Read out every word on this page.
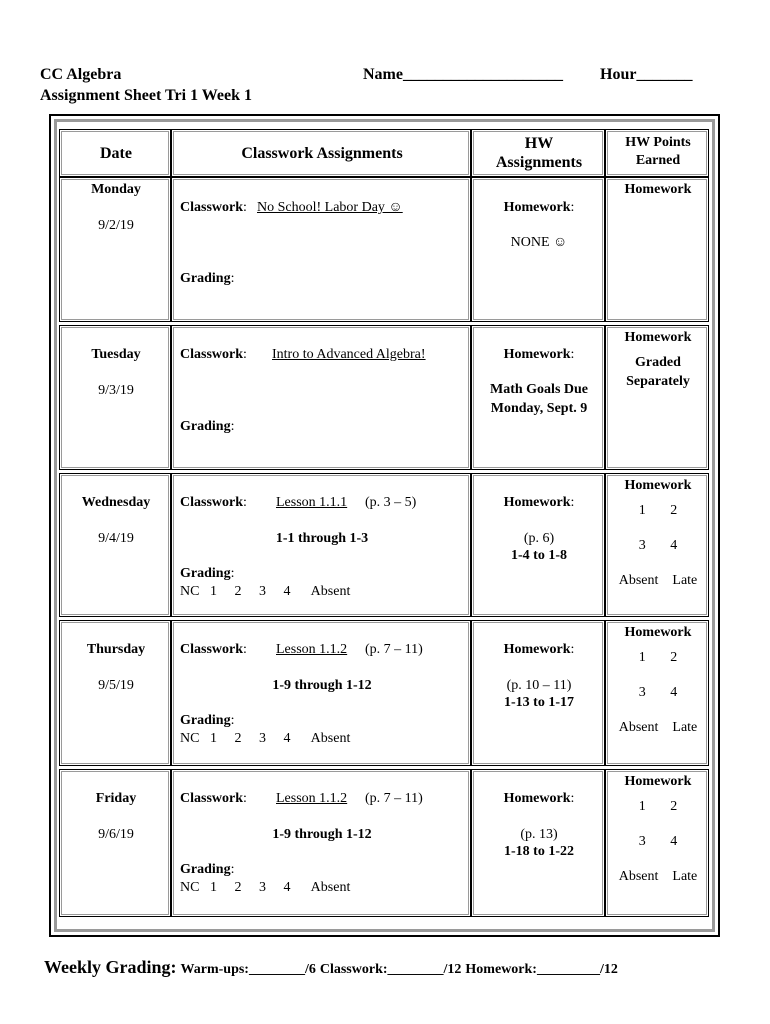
CC Algebra
Assignment Sheet Tri 1 Week 1
Name____________________ Hour_______
Date	Classwork Assignments
HW
Assignments
HW Points
Earned
Monday
9/2/19
Classwork: No School! Labor Day ☺
Grading:
Homework:
NONE ☺
Homework
Tuesday
9/3/19
Classwork: Intro to Advanced Algebra!
Grading:
Homework:
Math Goals Due
Monday, Sept. 9
Homework
Graded
Separately
Wednesday
9/4/19
Classwork: Lesson 1.1.1 (p. 3 – 5)
1-1 through 1-3
Grading:
NC   1     2     3     4      Absent
Homework:
(p. 6)
1-4 to 1-8
Homework
1       2
3       4
Absent    Late
Thursday
9/5/19
Classwork: Lesson 1.1.2 (p. 7 – 11)
1-9 through 1-12
Grading:
NC   1     2     3     4      Absent
Homework:
(p. 10 – 11)
1-13 to 1-17
Homework
1       2
3       4
Absent    Late
Friday
9/6/19
Classwork: Lesson 1.1.2 (p. 7 – 11)
1-9 through 1-12
Grading:
NC   1     2     3     4      Absent
Homework:
(p. 13)
1-18 to 1-22
Homework
1       2
3       4
Absent    Late
Weekly Grading: Warm-ups:________/6 Classwork:________/12 Homework:_________/12
